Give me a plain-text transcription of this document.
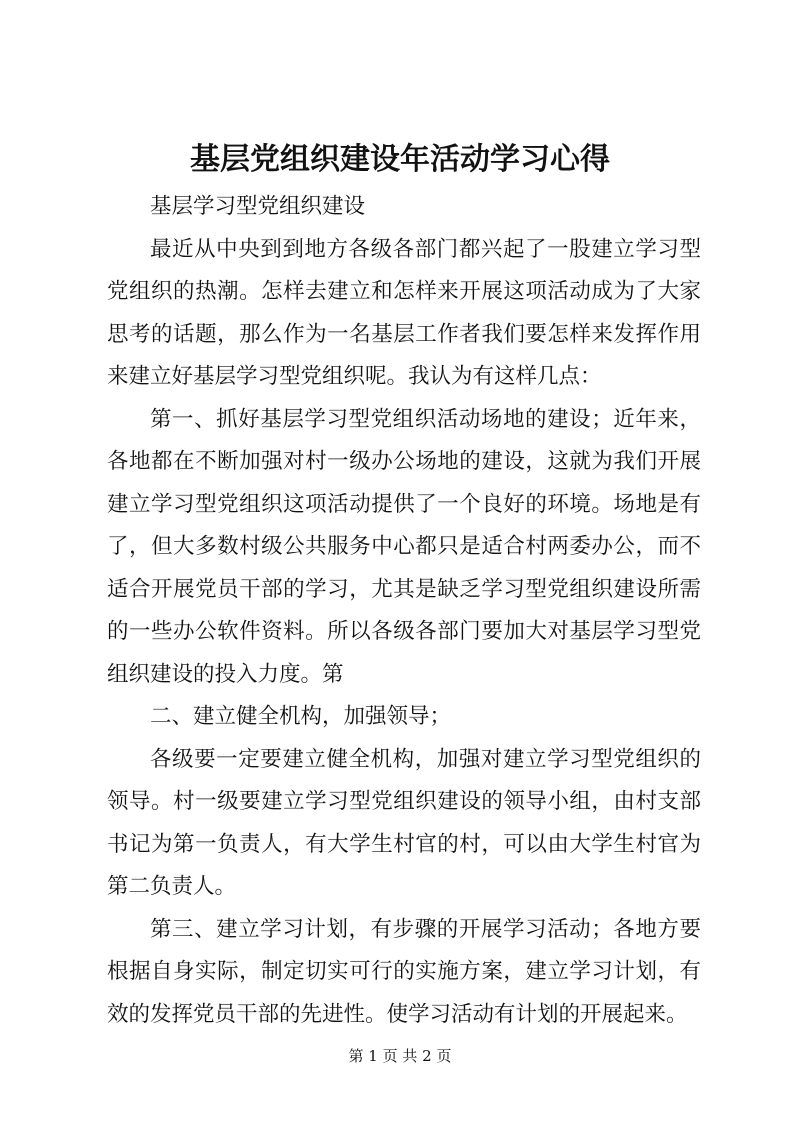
基层党组织建设年活动学习心得

基层学习型党组织建设

最近从中央到到地方各级各部门都兴起了一股建立学习型党组织的热潮。怎样去建立和怎样来开展这项活动成为了大家思考的话题，那么作为一名基层工作者我们要怎样来发挥作用来建立好基层学习型党组织呢。我认为有这样几点：

第一、抓好基层学习型党组织活动场地的建设；近年来，各地都在不断加强对村一级办公场地的建设，这就为我们开展建立学习型党组织这项活动提供了一个良好的环境。场地是有了，但大多数村级公共服务中心都只是适合村两委办公，而不适合开展党员干部的学习，尤其是缺乏学习型党组织建设所需的一些办公软件资料。所以各级各部门要加大对基层学习型党组织建设的投入力度。第

二、建立健全机构，加强领导；

各级要一定要建立健全机构，加强对建立学习型党组织的领导。村一级要建立学习型党组织建设的领导小组，由村支部书记为第一负责人，有大学生村官的村，可以由大学生村官为第二负责人。

第三、建立学习计划，有步骤的开展学习活动；各地方要根据自身实际，制定切实可行的实施方案，建立学习计划，有效的发挥党员干部的先进性。使学习活动有计划的开展起来。

第 1 页 共 2 页
